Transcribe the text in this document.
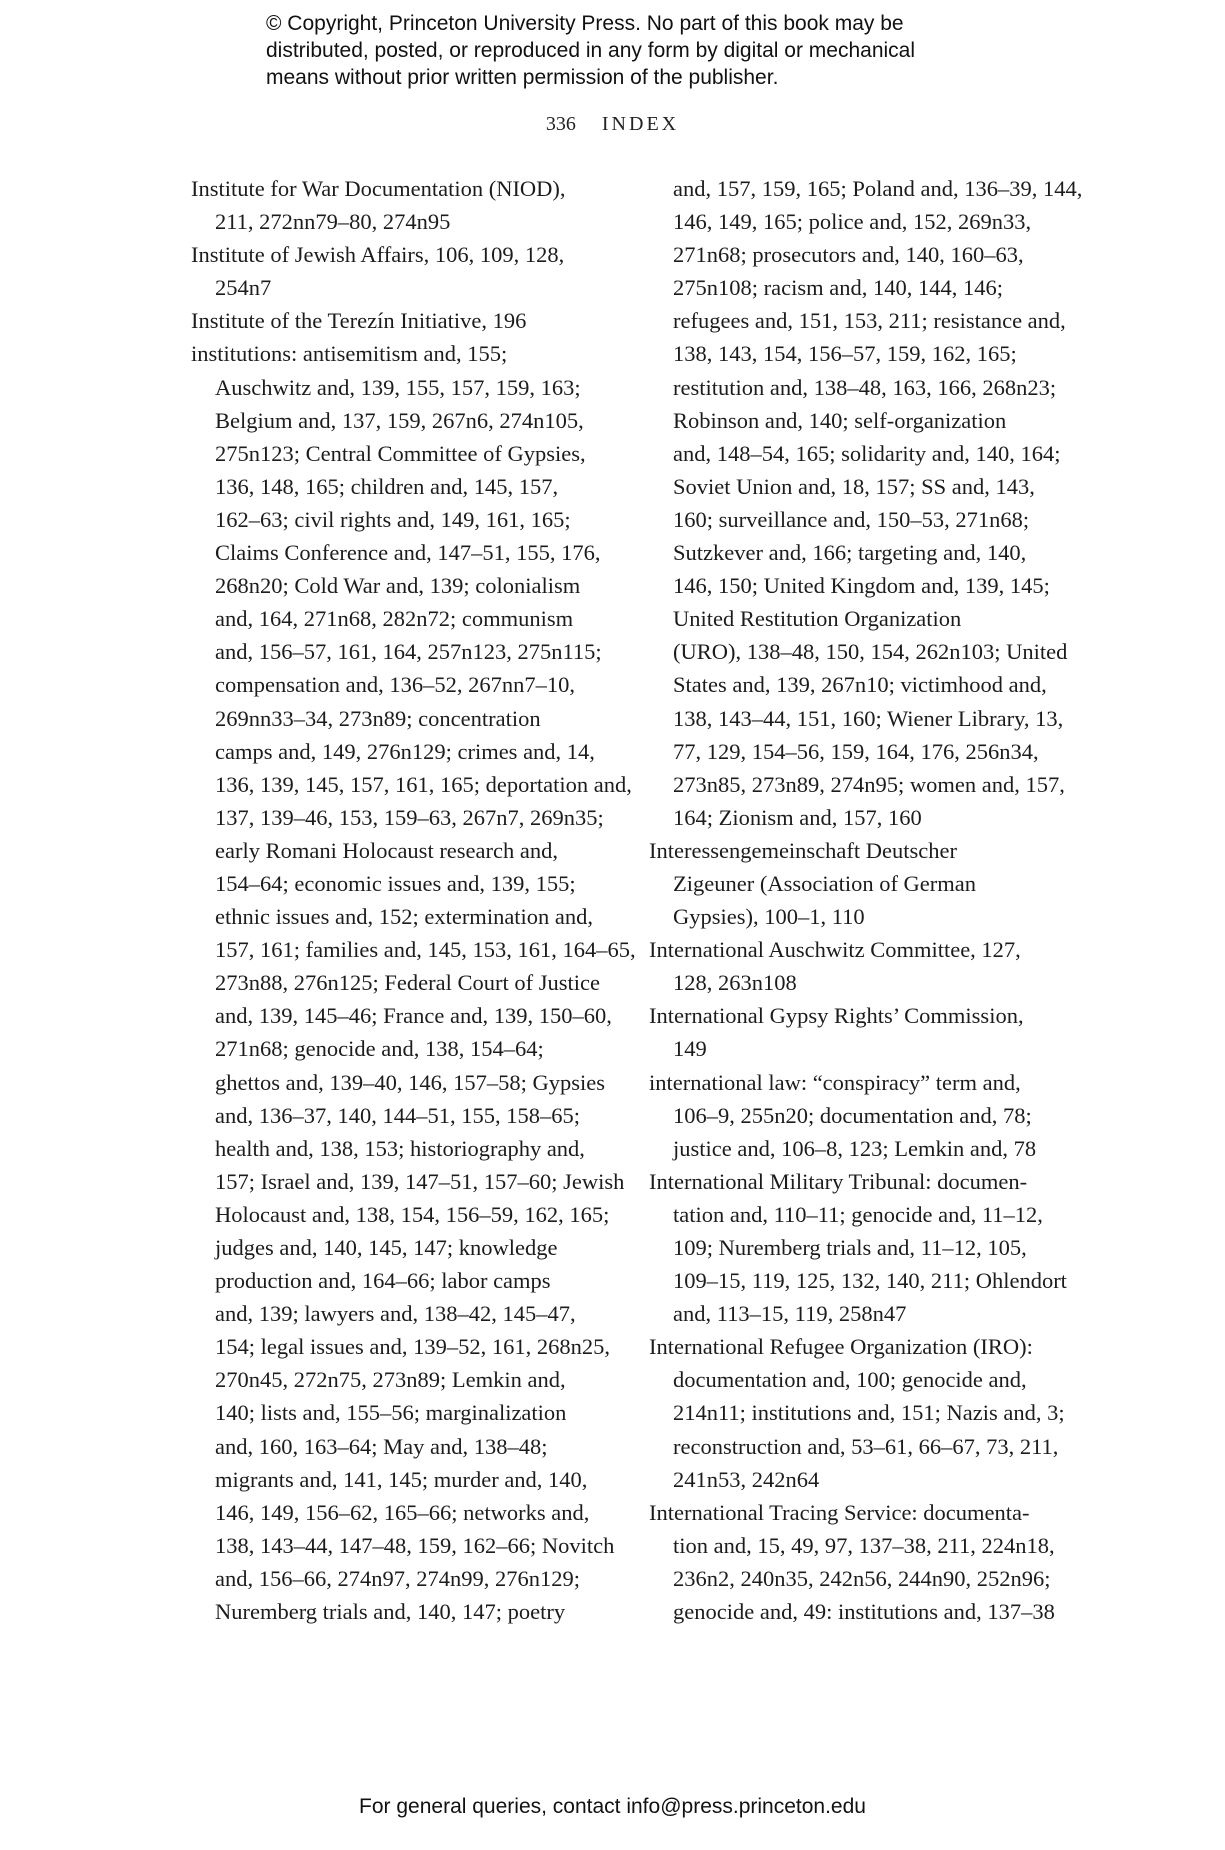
© Copyright, Princeton University Press. No part of this book may be
distributed, posted, or reproduced in any form by digital or mechanical
means without prior written permission of the publisher.
336 INDEX
Institute for War Documentation (NIOD),
211, 272nn79–80, 274n95
Institute of Jewish Affairs, 106, 109, 128,
254n7
Institute of the Terezín Initiative, 196
institutions: antisemitism and, 155;
Auschwitz and, 139, 155, 157, 159, 163;
Belgium and, 137, 159, 267n6, 274n105,
275n123; Central Committee of Gypsies,
136, 148, 165; children and, 145, 157,
162–63; civil rights and, 149, 161, 165;
Claims Conference and, 147–51, 155, 176,
268n20; Cold War and, 139; colonialism
and, 164, 271n68, 282n72; communism
and, 156–57, 161, 164, 257n123, 275n115;
compensation and, 136–52, 267nn7–10,
269nn33–34, 273n89; concentration
camps and, 149, 276n129; crimes and, 14,
136, 139, 145, 157, 161, 165; deportation and,
137, 139–46, 153, 159–63, 267n7, 269n35;
early Romani Holocaust research and,
154–64; economic issues and, 139, 155;
ethnic issues and, 152; extermination and,
157, 161; families and, 145, 153, 161, 164–65,
273n88, 276n125; Federal Court of Justice
and, 139, 145–46; France and, 139, 150–60,
271n68; genocide and, 138, 154–64;
ghettos and, 139–40, 146, 157–58; Gypsies
and, 136–37, 140, 144–51, 155, 158–65;
health and, 138, 153; historiography and,
157; Israel and, 139, 147–51, 157–60; Jewish
Holocaust and, 138, 154, 156–59, 162, 165;
judges and, 140, 145, 147; knowledge
production and, 164–66; labor camps
and, 139; lawyers and, 138–42, 145–47,
154; legal issues and, 139–52, 161, 268n25,
270n45, 272n75, 273n89; Lemkin and,
140; lists and, 155–56; marginalization
and, 160, 163–64; May and, 138–48;
migrants and, 141, 145; murder and, 140,
146, 149, 156–62, 165–66; networks and,
138, 143–44, 147–48, 159, 162–66; Novitch
and, 156–66, 274n97, 274n99, 276n129;
Nuremberg trials and, 140, 147; poetry
and, 157, 159, 165; Poland and, 136–39, 144,
146, 149, 165; police and, 152, 269n33,
271n68; prosecutors and, 140, 160–63,
275n108; racism and, 140, 144, 146;
refugees and, 151, 153, 211; resistance and,
138, 143, 154, 156–57, 159, 162, 165;
restitution and, 138–48, 163, 166, 268n23;
Robinson and, 140; self-organization
and, 148–54, 165; solidarity and, 140, 164;
Soviet Union and, 18, 157; SS and, 143,
160; surveillance and, 150–53, 271n68;
Sutzkever and, 166; targeting and, 140,
146, 150; United Kingdom and, 139, 145;
United Restitution Organization
(URO), 138–48, 150, 154, 262n103; United
States and, 139, 267n10; victimhood and,
138, 143–44, 151, 160; Wiener Library, 13,
77, 129, 154–56, 159, 164, 176, 256n34,
273n85, 273n89, 274n95; women and, 157,
164; Zionism and, 157, 160
Interessengemeinschaft Deutscher
Zigeuner (Association of German
Gypsies), 100–1, 110
International Auschwitz Committee, 127,
128, 263n108
International Gypsy Rights’ Commission,
149
international law: “conspiracy” term and,
106–9, 255n20; documentation and, 78;
justice and, 106–8, 123; Lemkin and, 78
International Military Tribunal: documen-
tation and, 110–11; genocide and, 11–12,
109; Nuremberg trials and, 11–12, 105,
109–15, 119, 125, 132, 140, 211; Ohlendort
and, 113–15, 119, 258n47
International Refugee Organization (IRO):
documentation and, 100; genocide and,
214n11; institutions and, 151; Nazis and, 3;
reconstruction and, 53–61, 66–67, 73, 211,
241n53, 242n64
International Tracing Service: documenta-
tion and, 15, 49, 97, 137–38, 211, 224n18,
236n2, 240n35, 242n56, 244n90, 252n96;
genocide and, 49: institutions and, 137–38
For general queries, contact info@press.princeton.edu
